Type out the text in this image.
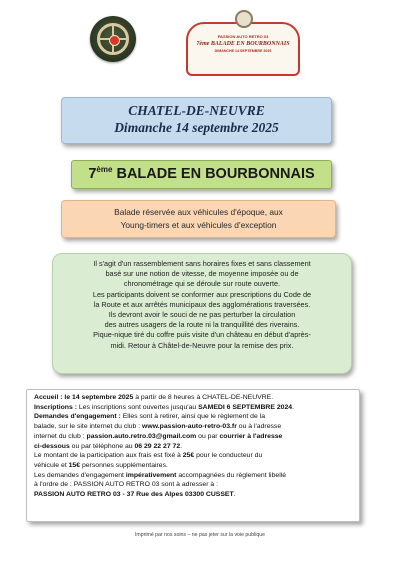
PASSION AUTO RETRO 03
7ème BALADE EN BOURBONNAIS
DIMANCHE 14 SEPTEMBRE 2025
CHATEL-DE-NEUVRE
Dimanche 14 septembre 2025
7ème BALADE EN BOURBONNAIS
Balade réservée aux véhicules d'époque, aux
Young-timers et aux véhicules d'exception

Il s'agit d'un rassemblement sans horaires fixes et sans classement

basé sur une notion de vitesse, de moyenne imposée ou de

chronométrage qui se déroule sur route ouverte.

Les participants doivent se conformer aux prescriptions du Code de

la Route et aux arrêtés municipaux des agglomérations traversées.

Ils devront avoir le souci de ne pas perturber la circulation

des autres usagers de la route ni la tranquillité des riverains.

Pique-nique tiré du coffre puis visite d'un château en début d'après-

midi. Retour à Châtel-de-Neuvre pour la remise des prix.

Accueil : le 14 septembre 2025 à partir de 8 heures à CHATEL-DE-NEUVRE.

Inscriptions : Les inscriptions sont ouvertes jusqu'au SAMEDI 6 SEPTEMBRE 2024.

Demandes d'engagement : Elles sont à retirer, ainsi que le règlement de la

balade, sur le site internet du club : www.passion-auto-retro-03.fr ou à l'adresse

internet du club : passion.auto.retro.03@gmail.com ou par courrier à l'adresse

ci-dessous ou par téléphone au 06 29 22 27 72.

Le montant de la participation aux frais est fixé à 25€ pour le conducteur du

véhicule et 15€ personnes supplémentaires.

Les demandes d'engagement impérativement accompagnées du règlement libellé

à l'ordre de : PASSION AUTO RETRO 03 sont à adresser à :

PASSION AUTO RETRO 03 - 37 Rue des Alpes 03300 CUSSET.

Imprimé par nos soins – ne pas jeter sur la voie publique
